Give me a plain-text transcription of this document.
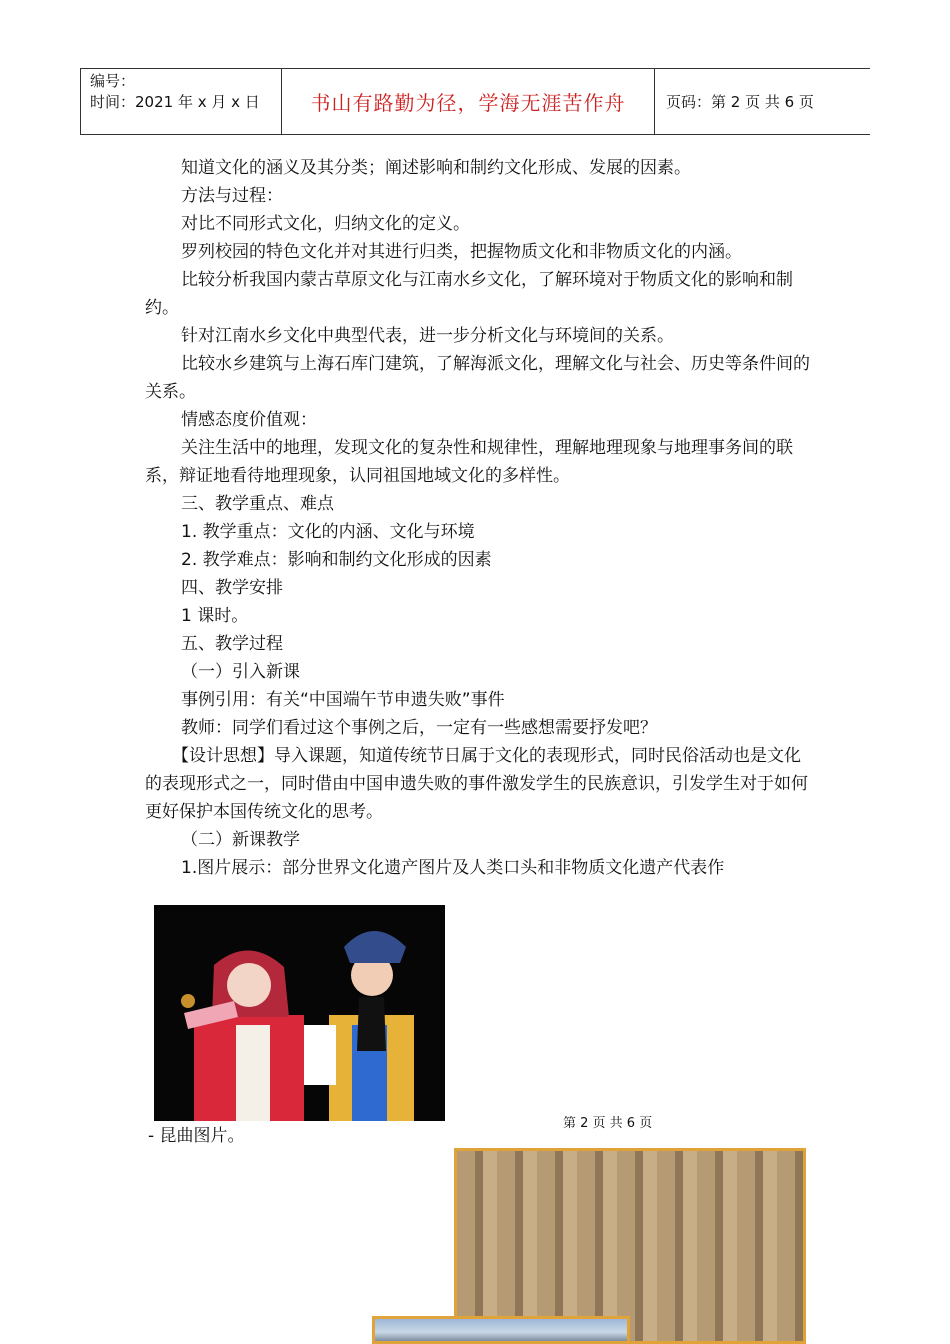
编号：
时间：2021 年 x 月 x 日	书山有路勤为径，学海无涯苦作舟	页码：第 2 页 共 6 页

知道文化的涵义及其分类；阐述影响和制约文化形成、发展的因素。

方法与过程：

对比不同形式文化，归纳文化的定义。

罗列校园的特色文化并对其进行归类，把握物质文化和非物质文化的内涵。

比较分析我国内蒙古草原文化与江南水乡文化，了解环境对于物质文化的影响和制约。

针对江南水乡文化中典型代表，进一步分析文化与环境间的关系。

比较水乡建筑与上海石库门建筑，了解海派文化，理解文化与社会、历史等条件间的关系。

情感态度价值观：

关注生活中的地理，发现文化的复杂性和规律性，理解地理现象与地理事务间的联系，辩证地看待地理现象，认同祖国地域文化的多样性。

三、教学重点、难点

1. 教学重点：文化的内涵、文化与环境

2. 教学难点：影响和制约文化形成的因素

四、教学安排

1 课时。

五、教学过程

（一）引入新课

事例引用：有关“中国端午节申遗失败”事件

教师：同学们看过这个事例之后，一定有一些感想需要抒发吧？

【设计思想】导入课题，知道传统节日属于文化的表现形式，同时民俗活动也是文化的表现形式之一，同时借由中国申遗失败的事件激发学生的民族意识，引发学生对于如何更好保护本国传统文化的思考。

（二）新课教学

1.图片展示：部分世界文化遗产图片及人类口头和非物质文化遗产代表作

- 昆曲图片。
第 2 页 共 6 页
